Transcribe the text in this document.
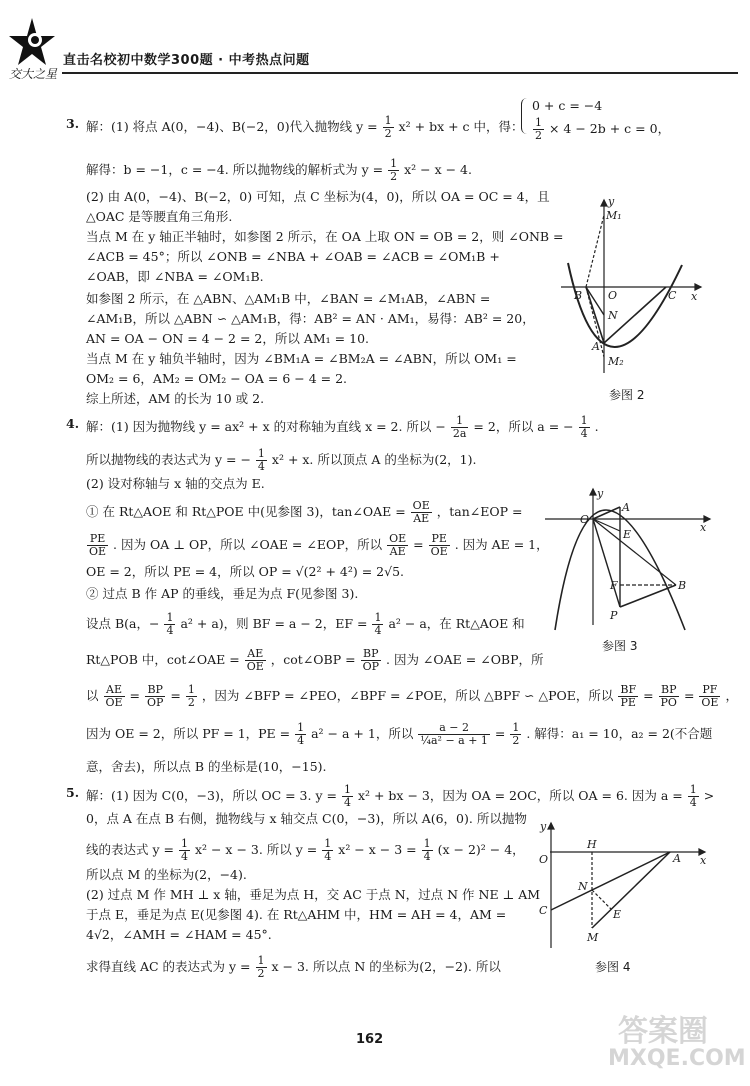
交大之星
直击名校初中数学300题 · 中考热点问题
3. 解：(1) 将点 A(0，−4)、B(−2，0)代入抛物线 $y = \frac{1}{2} x^2$ + bx + c 中，得：
0 + c = −4
$\frac{1}{2} \times 4 - 2b + c = 0$，
解得：b = −1，c = −4. 所以抛物线的解析式为 $y = \frac{1}{2} x^2 - x - 4$.
(2) 由 A(0，−4)、B(−2，0) 可知，点 C 坐标为(4，0)，所以 OA = OC = 4，且
△OAC 是等腰直角三角形.
当点 M 在 y 轴正半轴时，如参图 2 所示，在 OA 上取 ON = OB = 2，则 ∠ONB =
∠ACB = 45°；所以 ∠ONB = ∠NBA + ∠OAB = ∠ACB = ∠OM₁B +
∠OAB，即 ∠NBA = ∠OM₁B.
如参图 2 所示，在 △ABN、△AM₁B 中，∠BAN = ∠M₁AB，∠ABN =
∠AM₁B，所以 △ABN ∽ △AM₁B，得：AB² = AN · AM₁，易得：AB² = 20，
AN = OA − ON = 4 − 2 = 2，所以 AM₁ = 10.
当点 M 在 y 轴负半轴时，因为 ∠BM₁A = ∠BM₂A = ∠ABN，所以 OM₁ =
OM₂ = 6，AM₂ = OM₂ − OA = 6 − 4 = 2.
综上所述，AM 的长为 10 或 2.
y
x
O
B	C
A
N
M₁
M₂
参图 2
4. 解：(1) 因为抛物线 y = ax² + x 的对称轴为直线 x = 2. 所以 − $\frac{1}{2a} = 2$，所以 a = − $\frac{1}{4}$ .
所以抛物线的表达式为 y = − $\frac{1}{4} x^2 + x$. 所以顶点 A 的坐标为(2，1).
(2) 设对称轴与 x 轴的交点为 E.
① 在 Rt△AOE 和 Rt△POE 中(见参图 3)，tan∠OAE = $\frac{OE}{AE}$ ，tan∠EOP =
$\frac{PE}{OE}$ . 因为 OA ⊥ OP，所以 ∠OAE = ∠EOP，所以 $\frac{OE}{AE} = \frac{PE}{OE}$ . 因为 AE = 1，
OE = 2，所以 PE = 4，所以 OP = √(2² + 4²) = 2√5.
② 过点 B 作 AP 的垂线，垂足为点 F(见参图 3).
设点 B(a，− $\frac{1}{4} a^2 + a$)，则 BF = a − 2，EF = $\frac{1}{4} a^2 - a$，在 Rt△AOE 和
Rt△POB 中，cot∠OAE = $\frac{AE}{OE}$ ，cot∠OBP = $\frac{BP}{OP}$ . 因为 ∠OAE = ∠OBP，所
以 $\frac{AE}{OE} = \frac{BP}{OP} = \frac{1}{2}$ ，因为 ∠BFP = ∠PEO，∠BPF = ∠POE，所以 △BPF ∽ △POE，所以 $\frac{BF}{PE} = \frac{BP}{PO} = \frac{PF}{OE}$ ，
因为 OE = 2，所以 PF = 1，PE = $\frac{1}{4} a^2 - a + 1$，所以 $\frac{a - 2}{\text{¼a² − a + 1}} = \frac{1}{2}$ . 解得：a₁ = 10，a₂ = 2(不合题
意，舍去)，所以点 B 的坐标是(10，−15).
y
x
O
A
E
F	B
P
参图 3
5. 解：(1) 因为 C(0，−3)，所以 OC = 3. $y = \frac{1}{4} x^2$ + bx − 3，因为 OA = 2OC，所以 OA = 6. 因为 $a = \frac{1}{4}$ >
0，点 A 在点 B 右侧，抛物线与 x 轴交点 C(0，−3)，所以 A(6，0). 所以抛物
线的表达式 $y = \frac{1}{4} x^2 - x - 3$. 所以 $y = \frac{1}{4} x^2 - x - 3 = \frac{1}{4} (x - 2)^2 - 4$，
所以点 M 的坐标为(2，−4).
(2) 过点 M 作 MH ⊥ x 轴，垂足为点 H，交 AC 于点 N，过点 N 作 NE ⊥ AM
于点 E，垂足为点 E(见参图 4). 在 Rt△AHM 中，HM = AH = 4，AM =
4√2，∠AMH = ∠HAM = 45°.
求得直线 AC 的表达式为 $y = \frac{1}{2}$ x − 3. 所以点 N 的坐标为(2，−2). 所以
y
x
O
H
A
N
C	E
M
参图 4
162	答案圈
MXQE.COM
